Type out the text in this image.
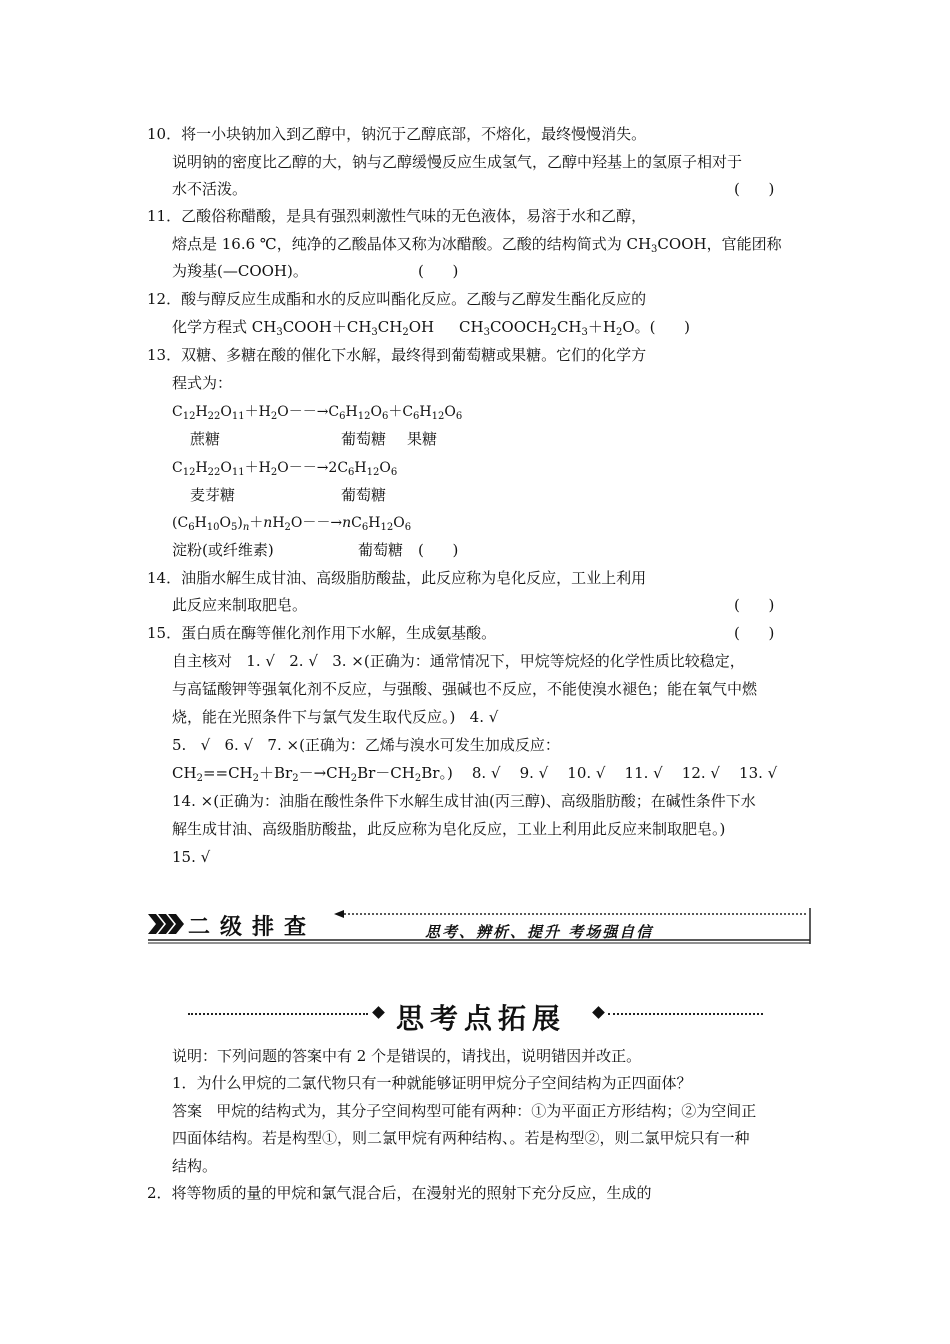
10．将一小块钠加入到乙醇中，钠沉于乙醇底部，不熔化，最终慢慢消失。
说明钠的密度比乙醇的大，钠与乙醇缓慢反应生成氢气，乙醇中羟基上的氢原子相对于
水不活泼。	(      )
11．乙酸俗称醋酸，是具有强烈刺激性气味的无色液体，易溶于水和乙醇，
熔点是 16.6 ℃，纯净的乙酸晶体又称为冰醋酸。乙酸的结构简式为 $CH_3COOH$，官能团称
为羧基(—COOH)。	(      )
12．酸与醇反应生成酯和水的反应叫酯化反应。乙酸与乙醇发生酯化反应的
化学方程式 $CH_3COOH+CH_3CH_2OH$ $CH_3COOCH_2CH_3+H_2O$。(      )
13．双糖、多糖在酸的催化下水解，最终得到葡萄糖或果糖。它们的化学方
程式为：
$C_{12}H_{22}O_{11}+H_2O--\to C_6H_{12}O_6+C_6H_{12}O_6$
蔗糖	葡萄糖 果糖
$C_{12}H_{22}O_{11}+H_2O--\to 2C_6H_{12}O_6$
麦芽糖	葡萄糖
$(C_6H_{10}O_5)_n+nH_2O--\to nC_6H_{12}O_6$
淀粉(或纤维素)	葡萄糖 (      )
14．油脂水解生成甘油、高级脂肪酸盐，此反应称为皂化反应，工业上利用
此反应来制取肥皂。	(      )
15．蛋白质在酶等催化剂作用下水解，生成氨基酸。	(      )
自主核对   1. √   2. √   3. ×(正确为：通常情况下，甲烷等烷烃的化学性质比较稳定，
与高锰酸钾等强氧化剂不反应，与强酸、强碱也不反应，不能使溴水褪色；能在氧气中燃
烧，能在光照条件下与氯气发生取代反应。)   4. √
5.   √   6. √   7. ×(正确为：乙烯与溴水可发生加成反应：
$CH_2==CH_2+Br_2-\to CH_2Br-CH_2Br$。)    8. √    9. √    10. √    11. √    12. √    13. √
14. ×(正确为：油脂在酸性条件下水解生成甘油(丙三醇)、高级脂肪酸；在碱性条件下水
解生成甘油、高级脂肪酸盐，此反应称为皂化反应，工业上利用此反应来制取肥皂。)
15. √
二级排查	思考、辨析、提升 考场强自信
思考点拓展
说明：下列问题的答案中有 2 个是错误的，请找出，说明错因并改正。
1．为什么甲烷的二氯代物只有一种就能够证明甲烷分子空间结构为正四面体？
答案   甲烷的结构式为，其分子空间构型可能有两种：①为平面正方形结构；②为空间正
四面体结构。若是构型①，则二氯甲烷有两种结构、。若是构型②，则二氯甲烷只有一种
结构。
2．将等物质的量的甲烷和氯气混合后，在漫射光的照射下充分反应，生成的
